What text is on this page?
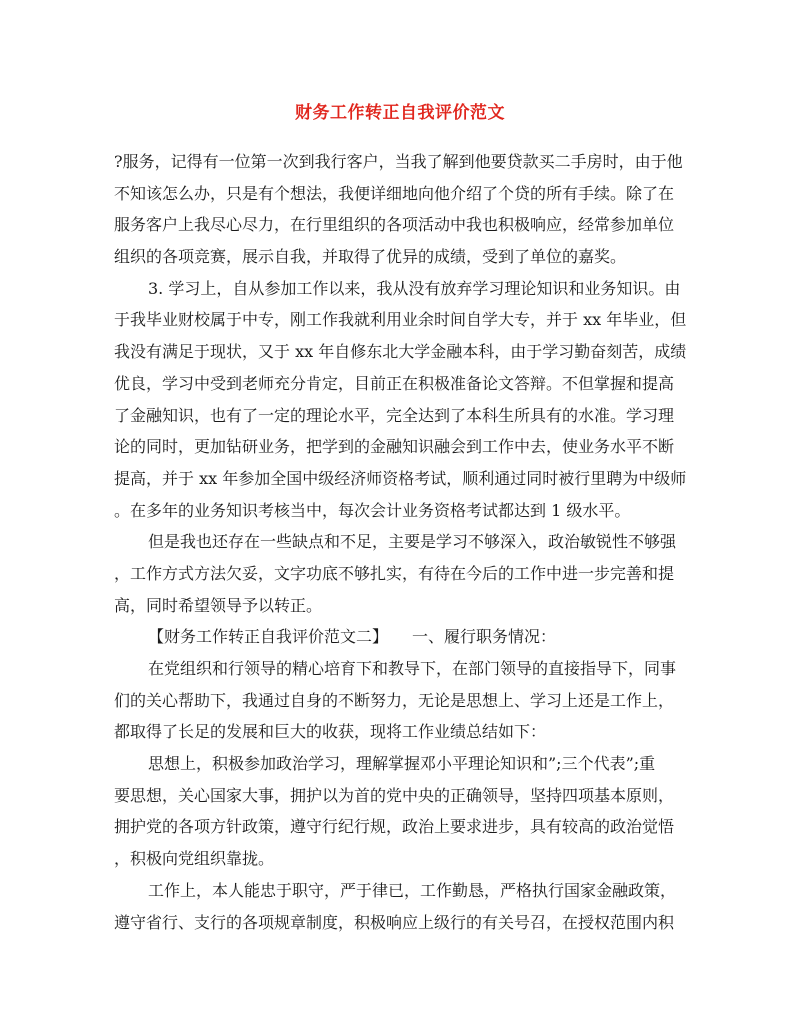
财务工作转正自我评价范文
?服务，记得有一位第一次到我行客户，当我了解到他要贷款买二手房时，由于他
不知该怎么办，只是有个想法，我便详细地向他介绍了个贷的所有手续。除了在
服务客户上我尽心尽力，在行里组织的各项活动中我也积极响应，经常参加单位
组织的各项竞赛，展示自我，并取得了优异的成绩，受到了单位的嘉奖。
3. 学习上，自从参加工作以来，我从没有放弃学习理论知识和业务知识。由
于我毕业财校属于中专，刚工作我就利用业余时间自学大专，并于 xx 年毕业，但
我没有满足于现状，又于 xx 年自修东北大学金融本科，由于学习勤奋刻苦，成绩
优良，学习中受到老师充分肯定，目前正在积极准备论文答辩。不但掌握和提高
了金融知识，也有了一定的理论水平，完全达到了本科生所具有的水准。学习理
论的同时，更加钻研业务，把学到的金融知识融会到工作中去，使业务水平不断
提高，并于 xx 年参加全国中级经济师资格考试，顺利通过同时被行里聘为中级师
。在多年的业务知识考核当中，每次会计业务资格考试都达到 1 级水平。
但是我也还存在一些缺点和不足，主要是学习不够深入，政治敏锐性不够强
，工作方式方法欠妥，文字功底不够扎实，有待在今后的工作中进一步完善和提
高，同时希望领导予以转正。
【财务工作转正自我评价范文二】　　一、履行职务情况：
在党组织和行领导的精心培育下和教导下，在部门领导的直接指导下，同事
们的关心帮助下，我通过自身的不断努力，无论是思想上、学习上还是工作上，
都取得了长足的发展和巨大的收获，现将工作业绩总结如下：
思想上，积极参加政治学习，理解掌握邓小平理论知识和”;三个代表”;重
要思想，关心国家大事，拥护以为首的党中央的正确领导，坚持四项基本原则，
拥护党的各项方针政策，遵守行纪行规，政治上要求进步，具有较高的政治觉悟
，积极向党组织靠拢。
工作上，本人能忠于职守，严于律已，工作勤恳，严格执行国家金融政策，
遵守省行、支行的各项规章制度，积极响应上级行的有关号召，在授权范围内积
